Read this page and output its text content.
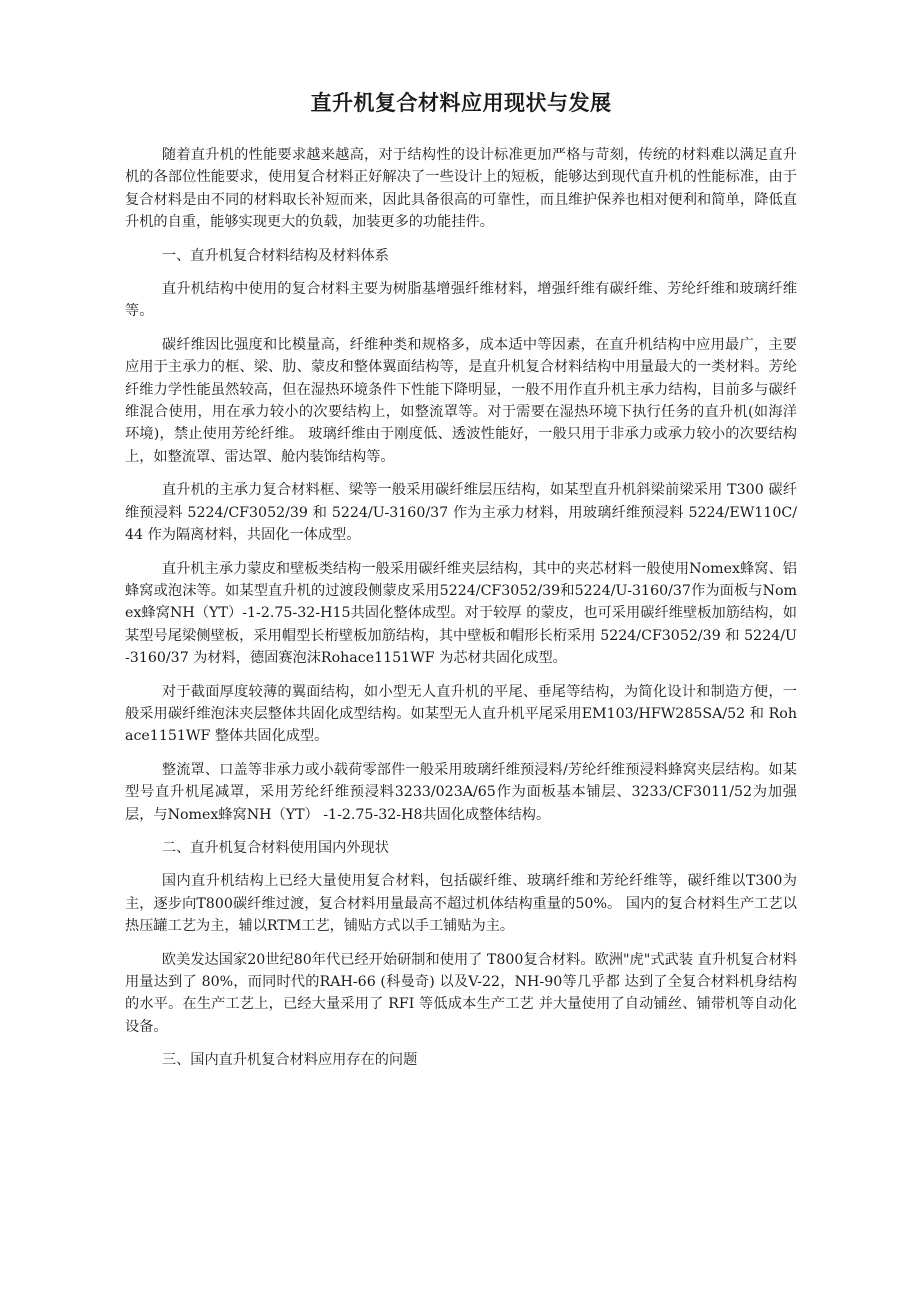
直升机复合材料应用现状与发展

随着直升机的性能要求越来越高，对于结构性的设计标准更加严格与苛刻，传统的材料难以满足直升机的各部位性能要求，使用复合材料正好解决了一些设计上的短板，能够达到现代直升机的性能标准，由于复合材料是由不同的材料取长补短而来，因此具备很高的可靠性，而且维护保养也相对便利和简单，降低直升机的自重，能够实现更大的负载，加装更多的功能挂件。

一、直升机复合材料结构及材料体系

直升机结构中使用的复合材料主要为树脂基增强纤维材料，增强纤维有碳纤维、芳纶纤维和玻璃纤维等。

碳纤维因比强度和比模量高，纤维种类和规格多，成本适中等因素，在直升机结构中应用最广，主要应用于主承力的框、梁、肋、蒙皮和整体翼面结构等，是直升机复合材料结构中用量最大的一类材料。芳纶纤维力学性能虽然较高，但在湿热环境条件下性能下降明显，一般不用作直升机主承力结构，目前多与碳纤维混合使用，用在承力较小的次要结构上，如整流罩等。对于需要在湿热环境下执行任务的直升机(如海洋环境)，禁止使用芳纶纤维。 玻璃纤维由于刚度低、透波性能好，一般只用于非承力或承力较小的次要结构上，如整流罩、雷达罩、舱内装饰结构等。

直升机的主承力复合材料框、梁等一般采用碳纤维层压结构，如某型直升机斜梁前梁采用 T300 碳纤维预浸料 5224/CF3052/39 和 5224/U-3160/37 作为主承力材料，用玻璃纤维预浸料 5224/EW110C/44 作为隔离材料，共固化一体成型。

直升机主承力蒙皮和壁板类结构一般采用碳纤维夹层结构，其中的夹芯材料一般使用Nomex蜂窝、铝蜂窝或泡沫等。如某型直升机的过渡段侧蒙皮采用5224/CF3052/39和5224/U-3160/37作为面板与Nomex蜂窝NH（YT）-1-2.75-32-H15共固化整体成型。对于较厚 的蒙皮，也可采用碳纤维壁板加筋结构，如某型号尾梁侧壁板，采用帽型长桁壁板加筋结构，其中壁板和帽形长桁采用 5224/CF3052/39 和 5224/U-3160/37 为材料，德固赛泡沫Rohace1151WF 为芯材共固化成型。

对于截面厚度较薄的翼面结构，如小型无人直升机的平尾、垂尾等结构，为简化设计和制造方便，一般采用碳纤维泡沫夹层整体共固化成型结构。如某型无人直升机平尾采用EM103/HFW285SA/52 和 Rohace1151WF 整体共固化成型。

整流罩、口盖等非承力或小载荷零部件一般采用玻璃纤维预浸料/芳纶纤维预浸料蜂窝夹层结构。如某型号直升机尾减罩，采用芳纶纤维预浸料3233/023A/65作为面板基本铺层、3233/CF3011/52为加强层，与Nomex蜂窝NH（YT） -1-2.75-32-H8共固化成整体结构。

二、直升机复合材料使用国内外现状

国内直升机结构上已经大量使用复合材料，包括碳纤维、玻璃纤维和芳纶纤维等，碳纤维以T300为主，逐步向T800碳纤维过渡，复合材料用量最高不超过机体结构重量的50%。 国内的复合材料生产工艺以热压罐工艺为主，辅以RTM工艺，铺贴方式以手工铺贴为主。

欧美发达国家20世纪80年代已经开始研制和使用了 T800复合材料。欧洲"虎"式武装 直升机复合材料用量达到了 80%，而同时代的RAH-66 (科曼奇) 以及V-22，NH-90等几乎都 达到了全复合材料机身结构的水平。在生产工艺上，已经大量采用了 RFI 等低成本生产工艺 并大量使用了自动铺丝、铺带机等自动化设备。

三、国内直升机复合材料应用存在的问题
